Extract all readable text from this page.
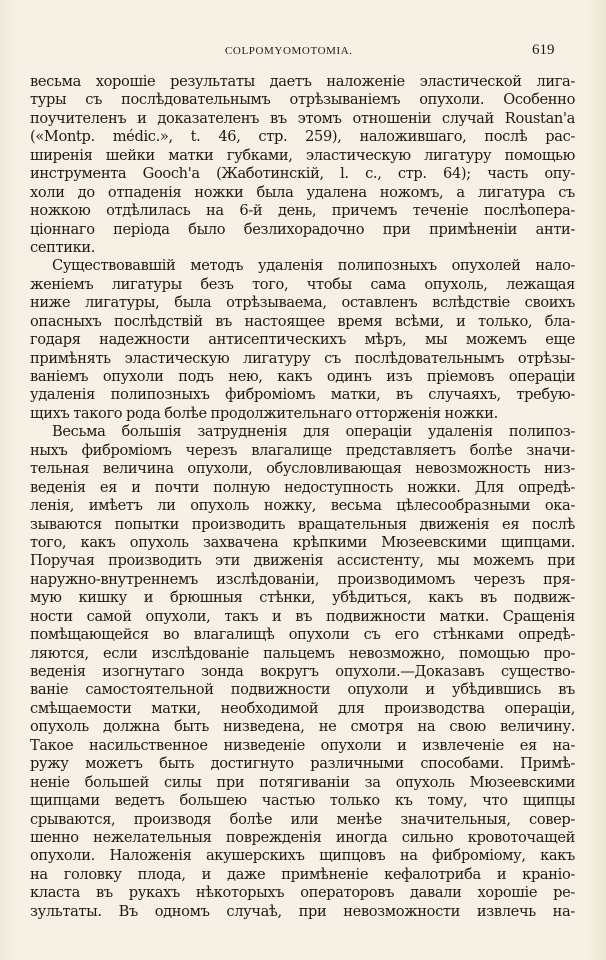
COLPOMYOMOTOMIA.	619
весьма хорошіе результаты даетъ наложеніе эластической лига-
туры съ послѣдовательнымъ отрѣзываніемъ опухоли. Особенно
поучителенъ и доказателенъ въ этомъ отношеніи случай Roustan'а
(«Montp. médic.», t. 46, стр. 259), наложившаго, послѣ рас-
ширенія шейки матки губками, эластическую лигатуру помощью
инструмента Gooch'а (Жаботинскій, l. c., стр. 64); часть опу-
холи до отпаденія ножки была удалена ножомъ, а лигатура съ
ножкою отдѣлилась на 6-й день, причемъ теченіе послѣопера-
ціоннаго періода было безлихорадочно при примѣненіи анти-
септики.
Существовавшій методъ удаленія полипозныхъ опухолей нало-
женіемъ лигатуры безъ того, чтобы сама опухоль, лежащая
ниже лигатуры, была отрѣзываема, оставленъ вслѣдствіе своихъ
опасныхъ послѣдствій въ настоящее время всѣми, и только, бла-
годаря надежности антисептическихъ мѣръ, мы можемъ еще
примѣнять эластическую лигатуру съ послѣдовательнымъ отрѣзы-
ваніемъ опухоли подъ нею, какъ одинъ изъ пріемовъ операціи
удаленія полипозныхъ фиброміомъ матки, въ случаяхъ, требую-
щихъ такого рода болѣе продолжительнаго отторженія ножки.
Весьма большія затрудненія для операціи удаленія полипоз-
ныхъ фиброміомъ черезъ влагалище представляетъ болѣе значи-
тельная величина опухоли, обусловливающая невозможность низ-
веденія ея и почти полную недоступность ножки. Для опредѣ-
ленія, имѣетъ ли опухоль ножку, весьма цѣлесообразными ока-
зываются попытки производить вращательныя движенія ея послѣ
того, какъ опухоль захвачена крѣпкими Мюзеевскими щипцами.
Поручая производить эти движенія ассистенту, мы можемъ при
наружно-внутреннемъ изслѣдованіи, производимомъ черезъ пря-
мую кишку и брюшныя стѣнки, убѣдиться, какъ въ подвиж-
ности самой опухоли, такъ и въ подвижности матки. Сращенія
помѣщающейся во влагалищѣ опухоли съ его стѣнками опредѣ-
ляются, если изслѣдованіе пальцемъ невозможно, помощью про-
веденія изогнутаго зонда вокругъ опухоли.—Доказавъ существо-
ваніе самостоятельной подвижности опухоли и убѣдившись въ
смѣщаемости матки, необходимой для производства операціи,
опухоль должна быть низведена, не смотря на свою величину.
Такое насильственное низведеніе опухоли и извлеченіе ея на-
ружу можетъ быть достигнуто различными способами. Примѣ-
неніе большей силы при потягиваніи за опухоль Мюзеевскими
щипцами ведетъ большею частью только къ тому, что щипцы
срываются, производя болѣе или менѣе значительныя, совер-
шенно нежелательныя поврежденія иногда сильно кровоточащей
опухоли. Наложенія акушерскихъ щипцовъ на фиброміому, какъ
на головку плода, и даже примѣненіе кефалотриба и краніо-
класта въ рукахъ нѣкоторыхъ операторовъ давали хорошіе ре-
зультаты. Въ одномъ случаѣ, при невозможности извлечь на-
